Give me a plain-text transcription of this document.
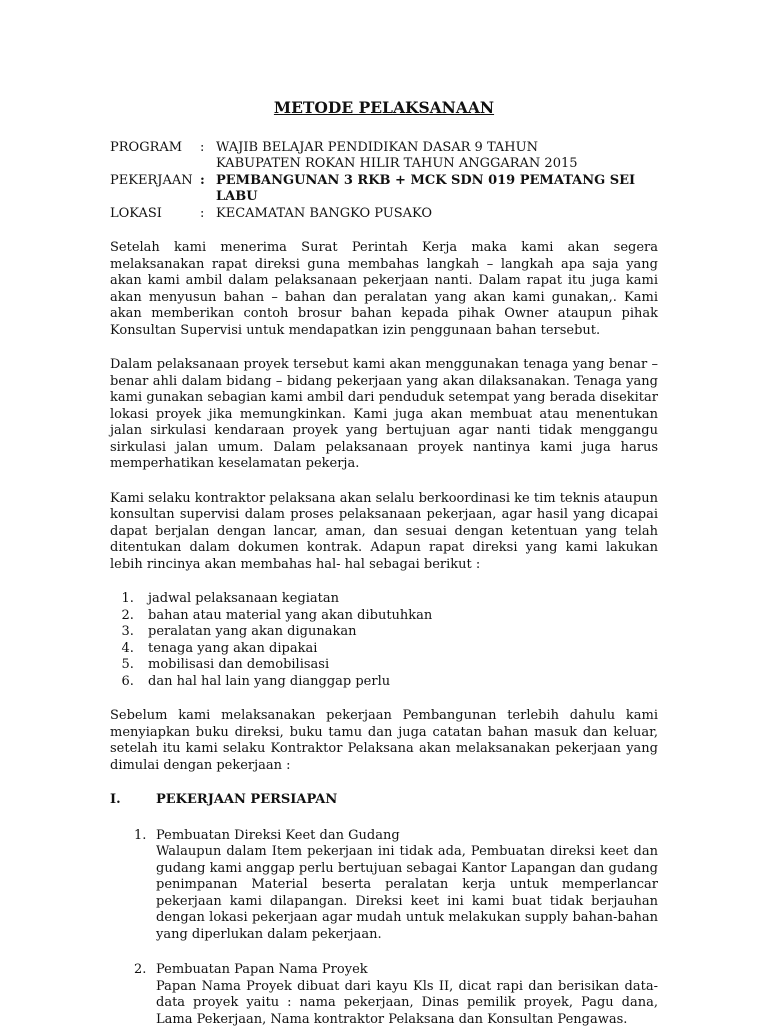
METODE PELAKSANAAN
PROGRAM	: WAJIB BELAJAR PENDIDIKAN DASAR 9 TAHUN
KABUPATEN ROKAN HILIR TAHUN ANGGARAN 2015
PEKERJAAN : PEMBANGUNAN 3 RKB + MCK SDN 019 PEMATANG SEI LABU
LOKASI	: KECAMATAN BANGKO PUSAKO

Setelah kami menerima Surat Perintah Kerja maka kami akan segera melaksanakan rapat direksi guna membahas langkah – langkah apa saja yang akan kami ambil dalam pelaksanaan pekerjaan nanti. Dalam rapat itu juga kami akan menyusun bahan – bahan dan peralatan yang akan kami gunakan,. Kami akan memberikan contoh brosur bahan kepada pihak Owner ataupun pihak Konsultan Supervisi untuk mendapatkan izin penggunaan bahan tersebut.

Dalam pelaksanaan proyek tersebut kami akan menggunakan tenaga yang benar – benar ahli dalam bidang – bidang pekerjaan yang akan dilaksanakan. Tenaga yang kami gunakan sebagian kami ambil dari penduduk setempat yang berada disekitar lokasi proyek jika memungkinkan. Kami juga akan membuat atau menentukan jalan sirkulasi kendaraan proyek yang bertujuan agar nanti tidak menggangu sirkulasi jalan umum. Dalam pelaksanaan proyek nantinya kami juga harus memperhatikan keselamatan pekerja.

Kami selaku kontraktor pelaksana akan selalu berkoordinasi ke tim teknis ataupun konsultan supervisi dalam proses pelaksanaan pekerjaan, agar hasil yang dicapai dapat berjalan dengan lancar, aman, dan sesuai dengan ketentuan yang telah ditentukan dalam dokumen kontrak. Adapun rapat direksi yang kami lakukan lebih rincinya akan membahas hal- hal sebagai berikut :

1. jadwal pelaksanaan kegiatan
2. bahan atau material yang akan dibutuhkan
3. peralatan yang akan digunakan
4. tenaga yang akan dipakai
5. mobilisasi dan demobilisasi
6. dan hal hal lain yang dianggap perlu

Sebelum kami melaksanakan pekerjaan Pembangunan terlebih dahulu kami menyiapkan buku direksi, buku tamu dan juga catatan bahan masuk dan keluar, setelah itu kami selaku Kontraktor Pelaksana akan melaksanakan pekerjaan yang dimulai dengan pekerjaan :

I.	PEKERJAAN PERSIAPAN
1. Pembuatan Direksi Keet dan Gudang
Walaupun dalam Item pekerjaan ini tidak ada, Pembuatan direksi keet dan gudang kami anggap perlu bertujuan sebagai Kantor Lapangan dan gudang penimpanan Material beserta peralatan kerja untuk memperlancar pekerjaan kami dilapangan. Direksi keet ini kami buat tidak berjauhan dengan lokasi pekerjaan agar mudah untuk melakukan supply bahan-bahan yang diperlukan dalam pekerjaan.
2. Pembuatan Papan Nama Proyek
Papan Nama Proyek dibuat dari kayu Kls II, dicat rapi dan berisikan data-data proyek yaitu : nama pekerjaan, Dinas pemilik proyek, Pagu dana, Lama Pekerjaan, Nama kontraktor Pelaksana dan Konsultan Pengawas.
